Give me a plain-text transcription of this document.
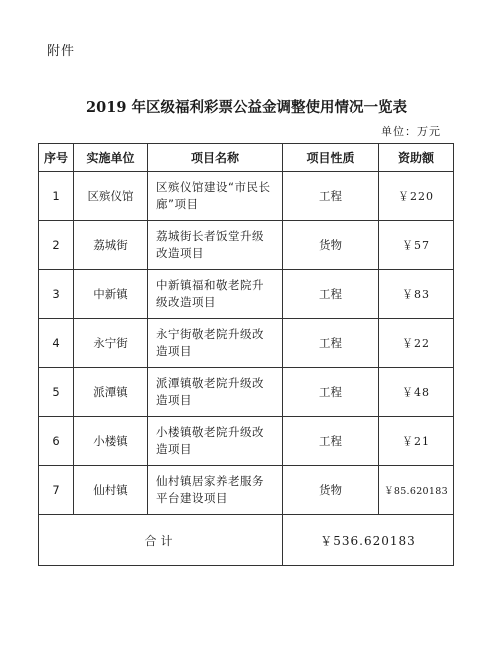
附件
2019 年区级福利彩票公益金调整使用情况一览表
单位：万元
序号	实施单位	项目名称	项目性质	资助额
1	区殡仪馆	区殡仪馆建设“市民长廊”项目	工程	￥220
2	荔城街	荔城街长者饭堂升级改造项目	货物	￥57
3	中新镇	中新镇福和敬老院升级改造项目	工程	￥83
4	永宁街	永宁街敬老院升级改造项目	工程	￥22
5	派潭镇	派潭镇敬老院升级改造项目	工程	￥48
6	小楼镇	小楼镇敬老院升级改造项目	工程	￥21
7	仙村镇	仙村镇居家养老服务平台建设项目	货物	￥85.620183
合计			￥536.620183	
